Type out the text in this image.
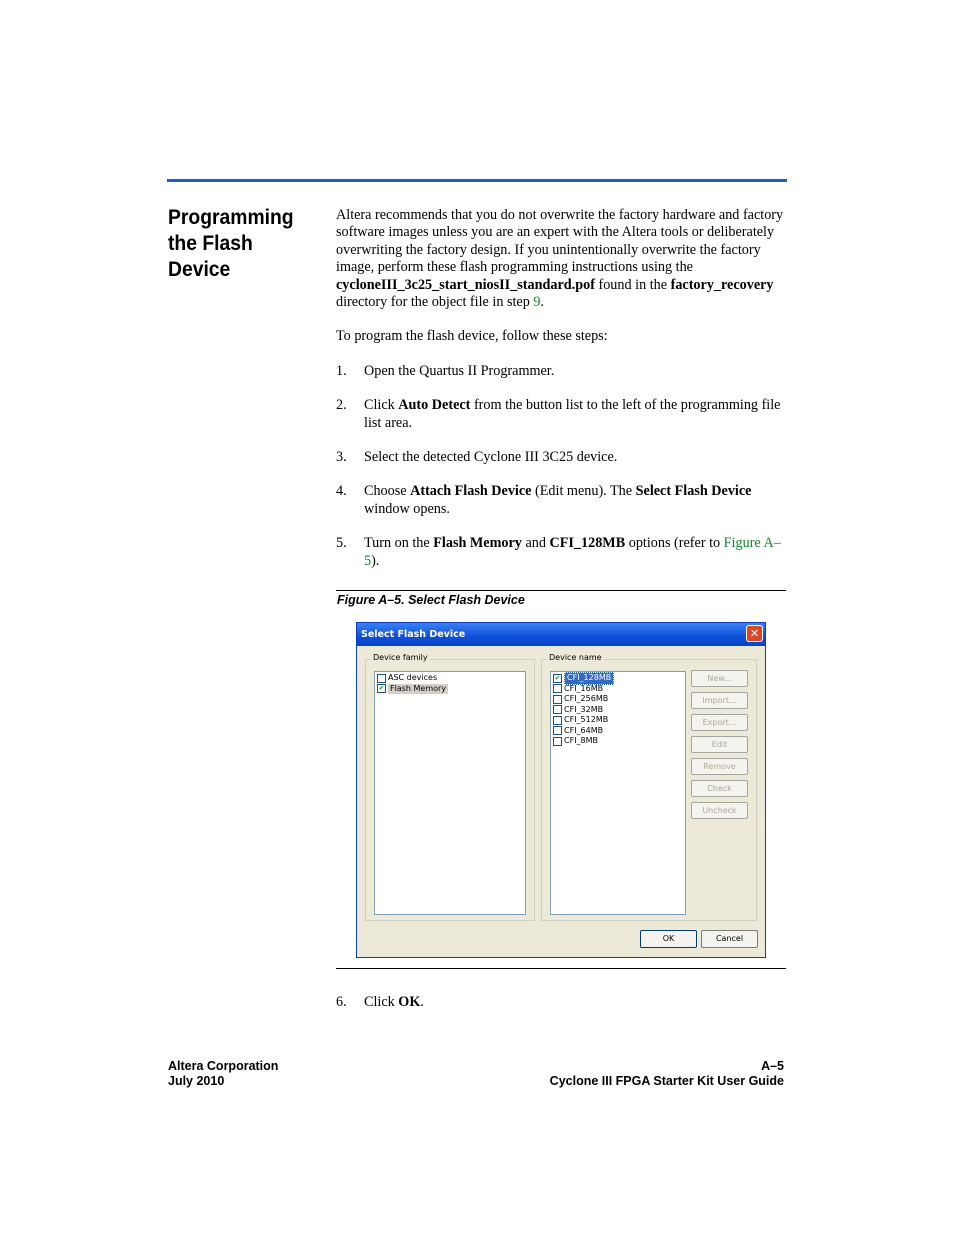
Programming
the Flash Device

Altera recommends that you do not overwrite the factory hardware and factory software images unless you are an expert with the Altera tools or deliberately overwriting the factory design. If you unintentionally overwrite the factory image, perform these flash programming instructions using the cycloneIII_3c25_start_niosII_standard.pof found in the factory_recovery directory for the object file in step 9.

To program the flash device, follow these steps:

1. Open the Quartus II Programmer.
2. Click Auto Detect from the button list to the left of the programming file list area.
3. Select the detected Cyclone III 3C25 device.
4. Choose Attach Flash Device (Edit menu). The Select Flash Device window opens.
5. Turn on the Flash Memory and CFI_128MB options (refer to Figure A–5).
Figure A–5. Select Flash Device
Select Flash Device	✕
Device family
ASC devices
✔ Flash Memory
Device name
✔ CFI_128MB
CFI_16MB
CFI_256MB
CFI_32MB
CFI_512MB
CFI_64MB
CFI_8MB
New...
Import...
Export...
Edit
Remove
Check
Uncheck
OK	Cancel
6. Click OK.
Altera Corporation
July 2010
A–5
Cyclone III FPGA Starter Kit User Guide
